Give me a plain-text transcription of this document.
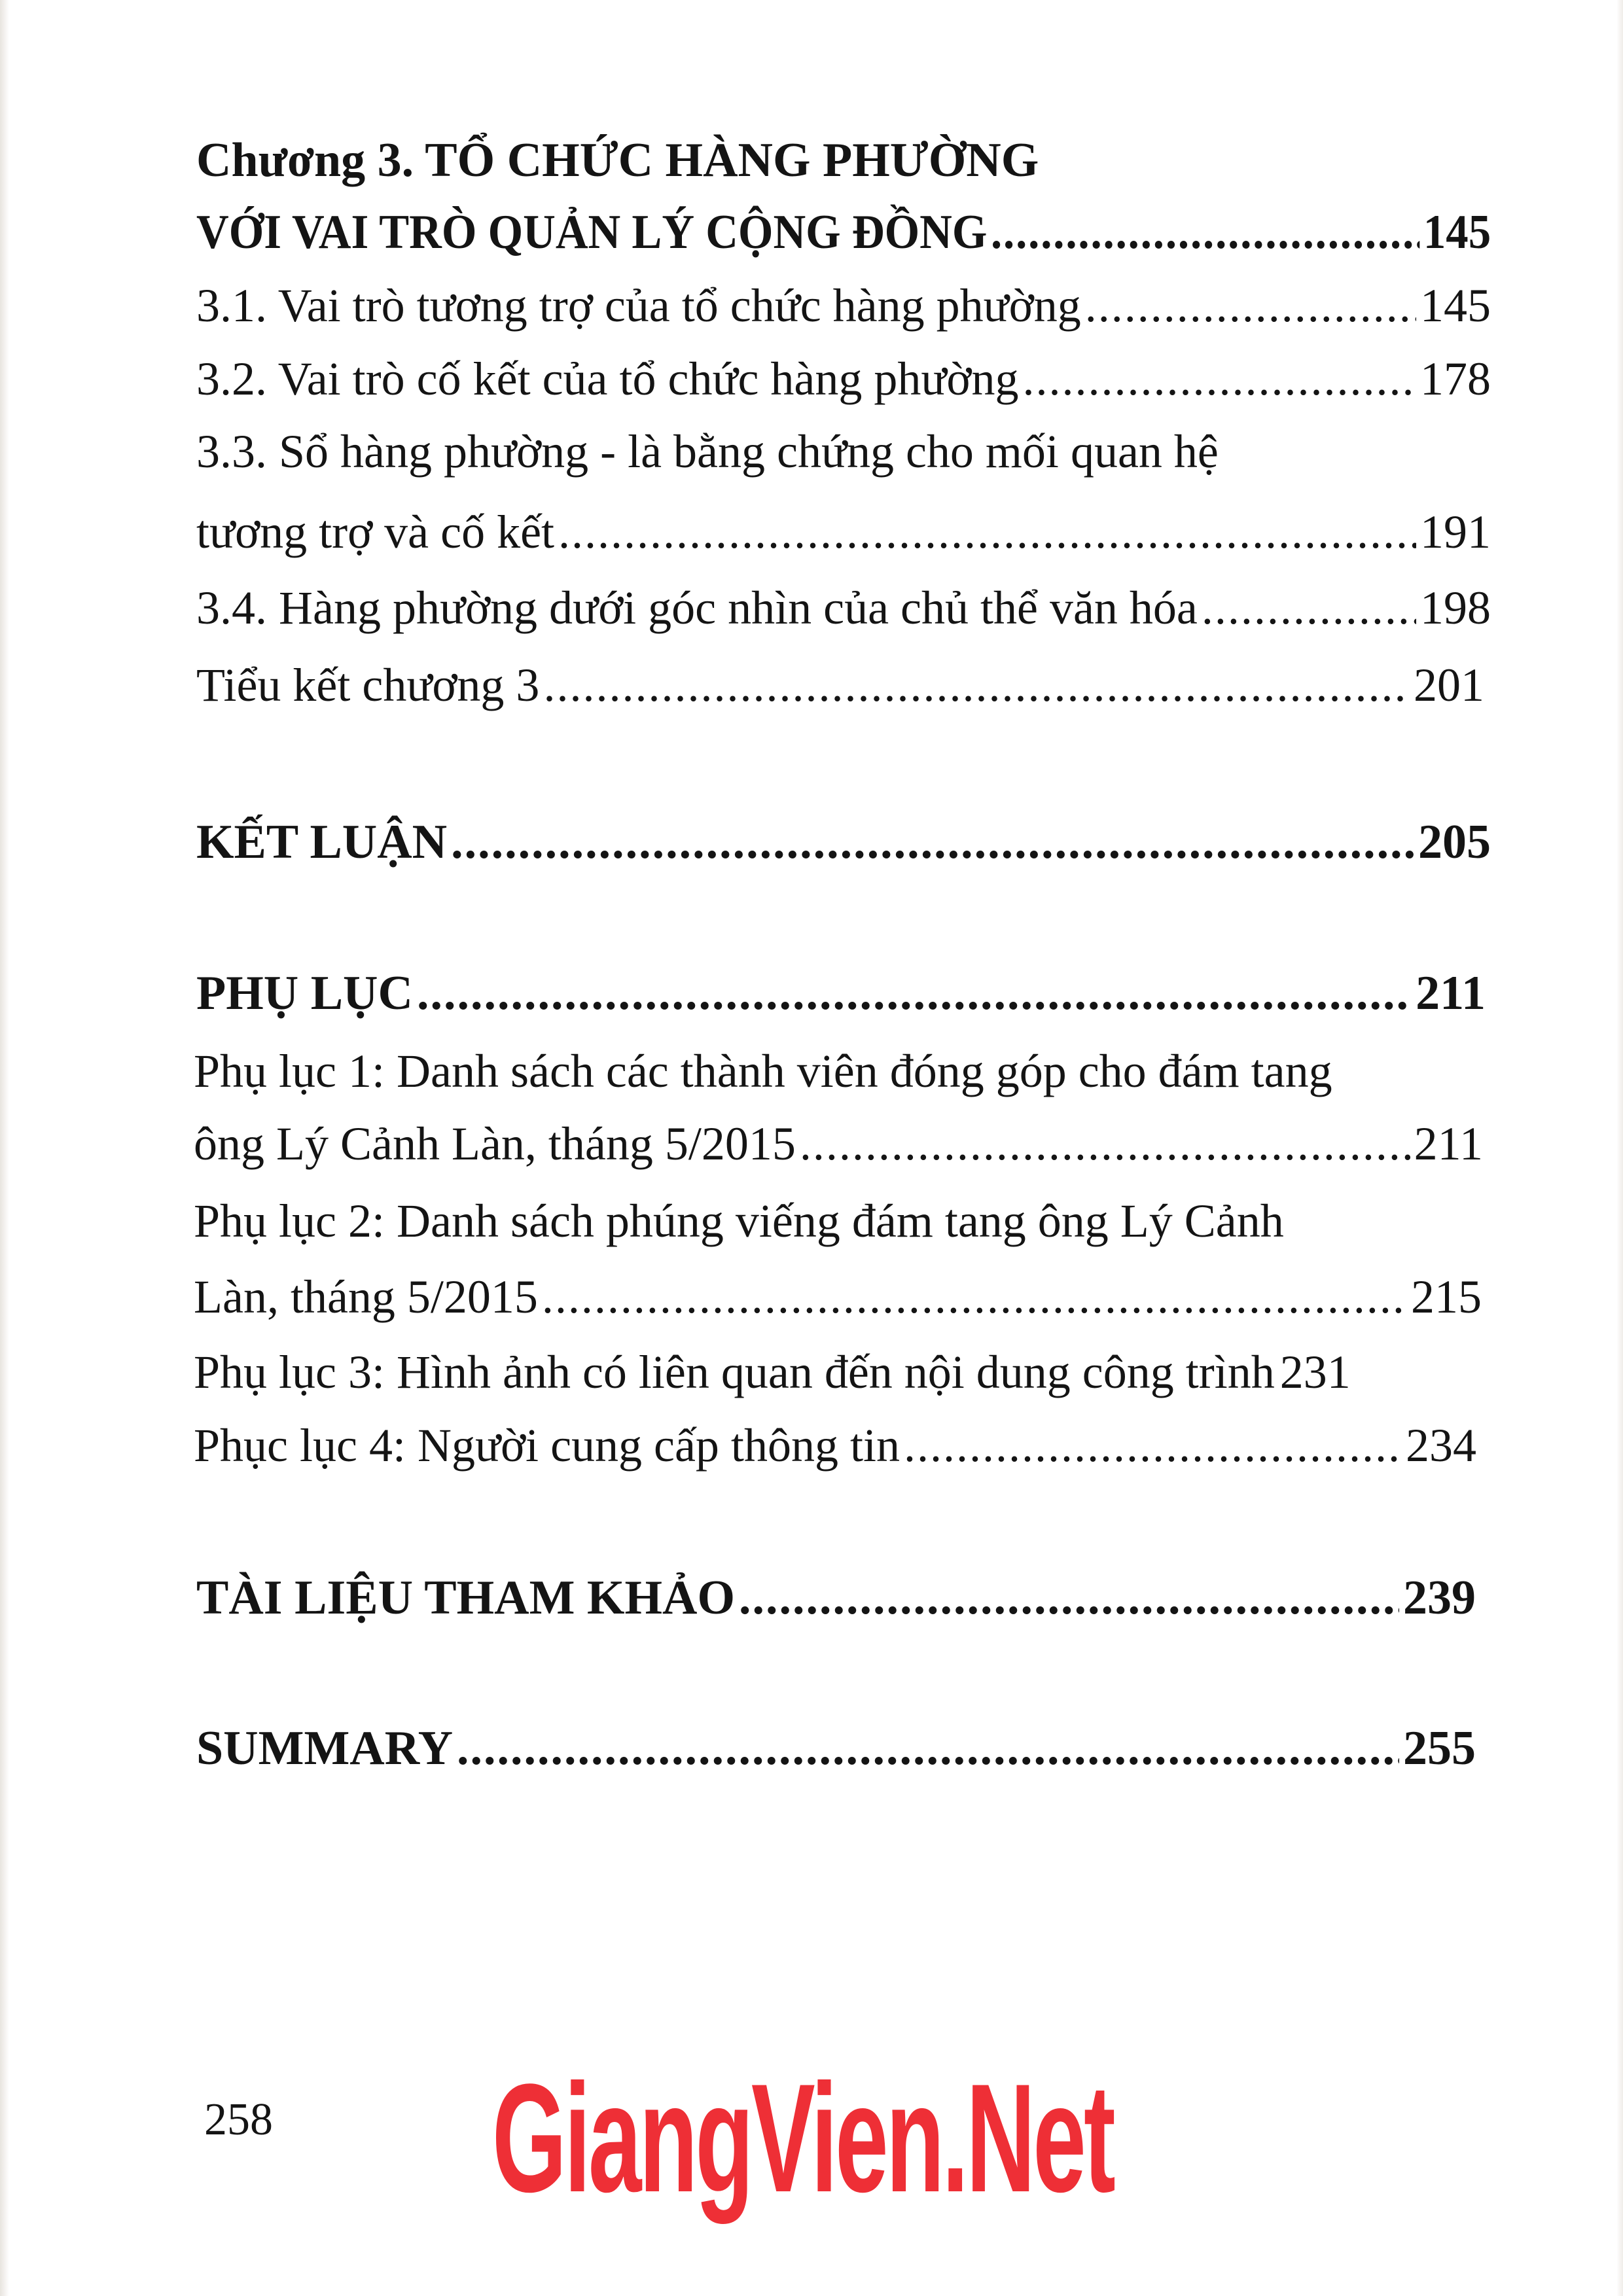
Chương 3. TỔ CHỨC HÀNG PHƯỜNG
VỚI VAI TRÒ QUẢN LÝ CỘNG ĐỒNG .....	145
3.1. Vai trò tương trợ của tổ chức hàng phường .....	145
3.2. Vai trò cố kết của tổ chức hàng phường .....	178
3.3. Sổ hàng phường - là bằng chứng cho mối quan hệ
tương trợ và cố kết .....	191
3.4. Hàng phường dưới góc nhìn của chủ thể văn hóa .....	198
Tiểu kết chương 3 .....	201
KẾT LUẬN .....	205
PHỤ LỤC .....	211
Phụ lục 1: Danh sách các thành viên đóng góp cho đám tang
ông Lý Cảnh Làn, tháng 5/2015 .....	211
Phụ lục 2: Danh sách phúng viếng đám tang ông Lý Cảnh
Làn, tháng 5/2015 .....	215
Phụ lục 3: Hình ảnh có liên quan đến nội dung công trình 231
Phục lục 4: Người cung cấp thông tin .....	234
TÀI LIỆU THAM KHẢO .....	239
SUMMARY .....	255
258 GiangVien.Net
